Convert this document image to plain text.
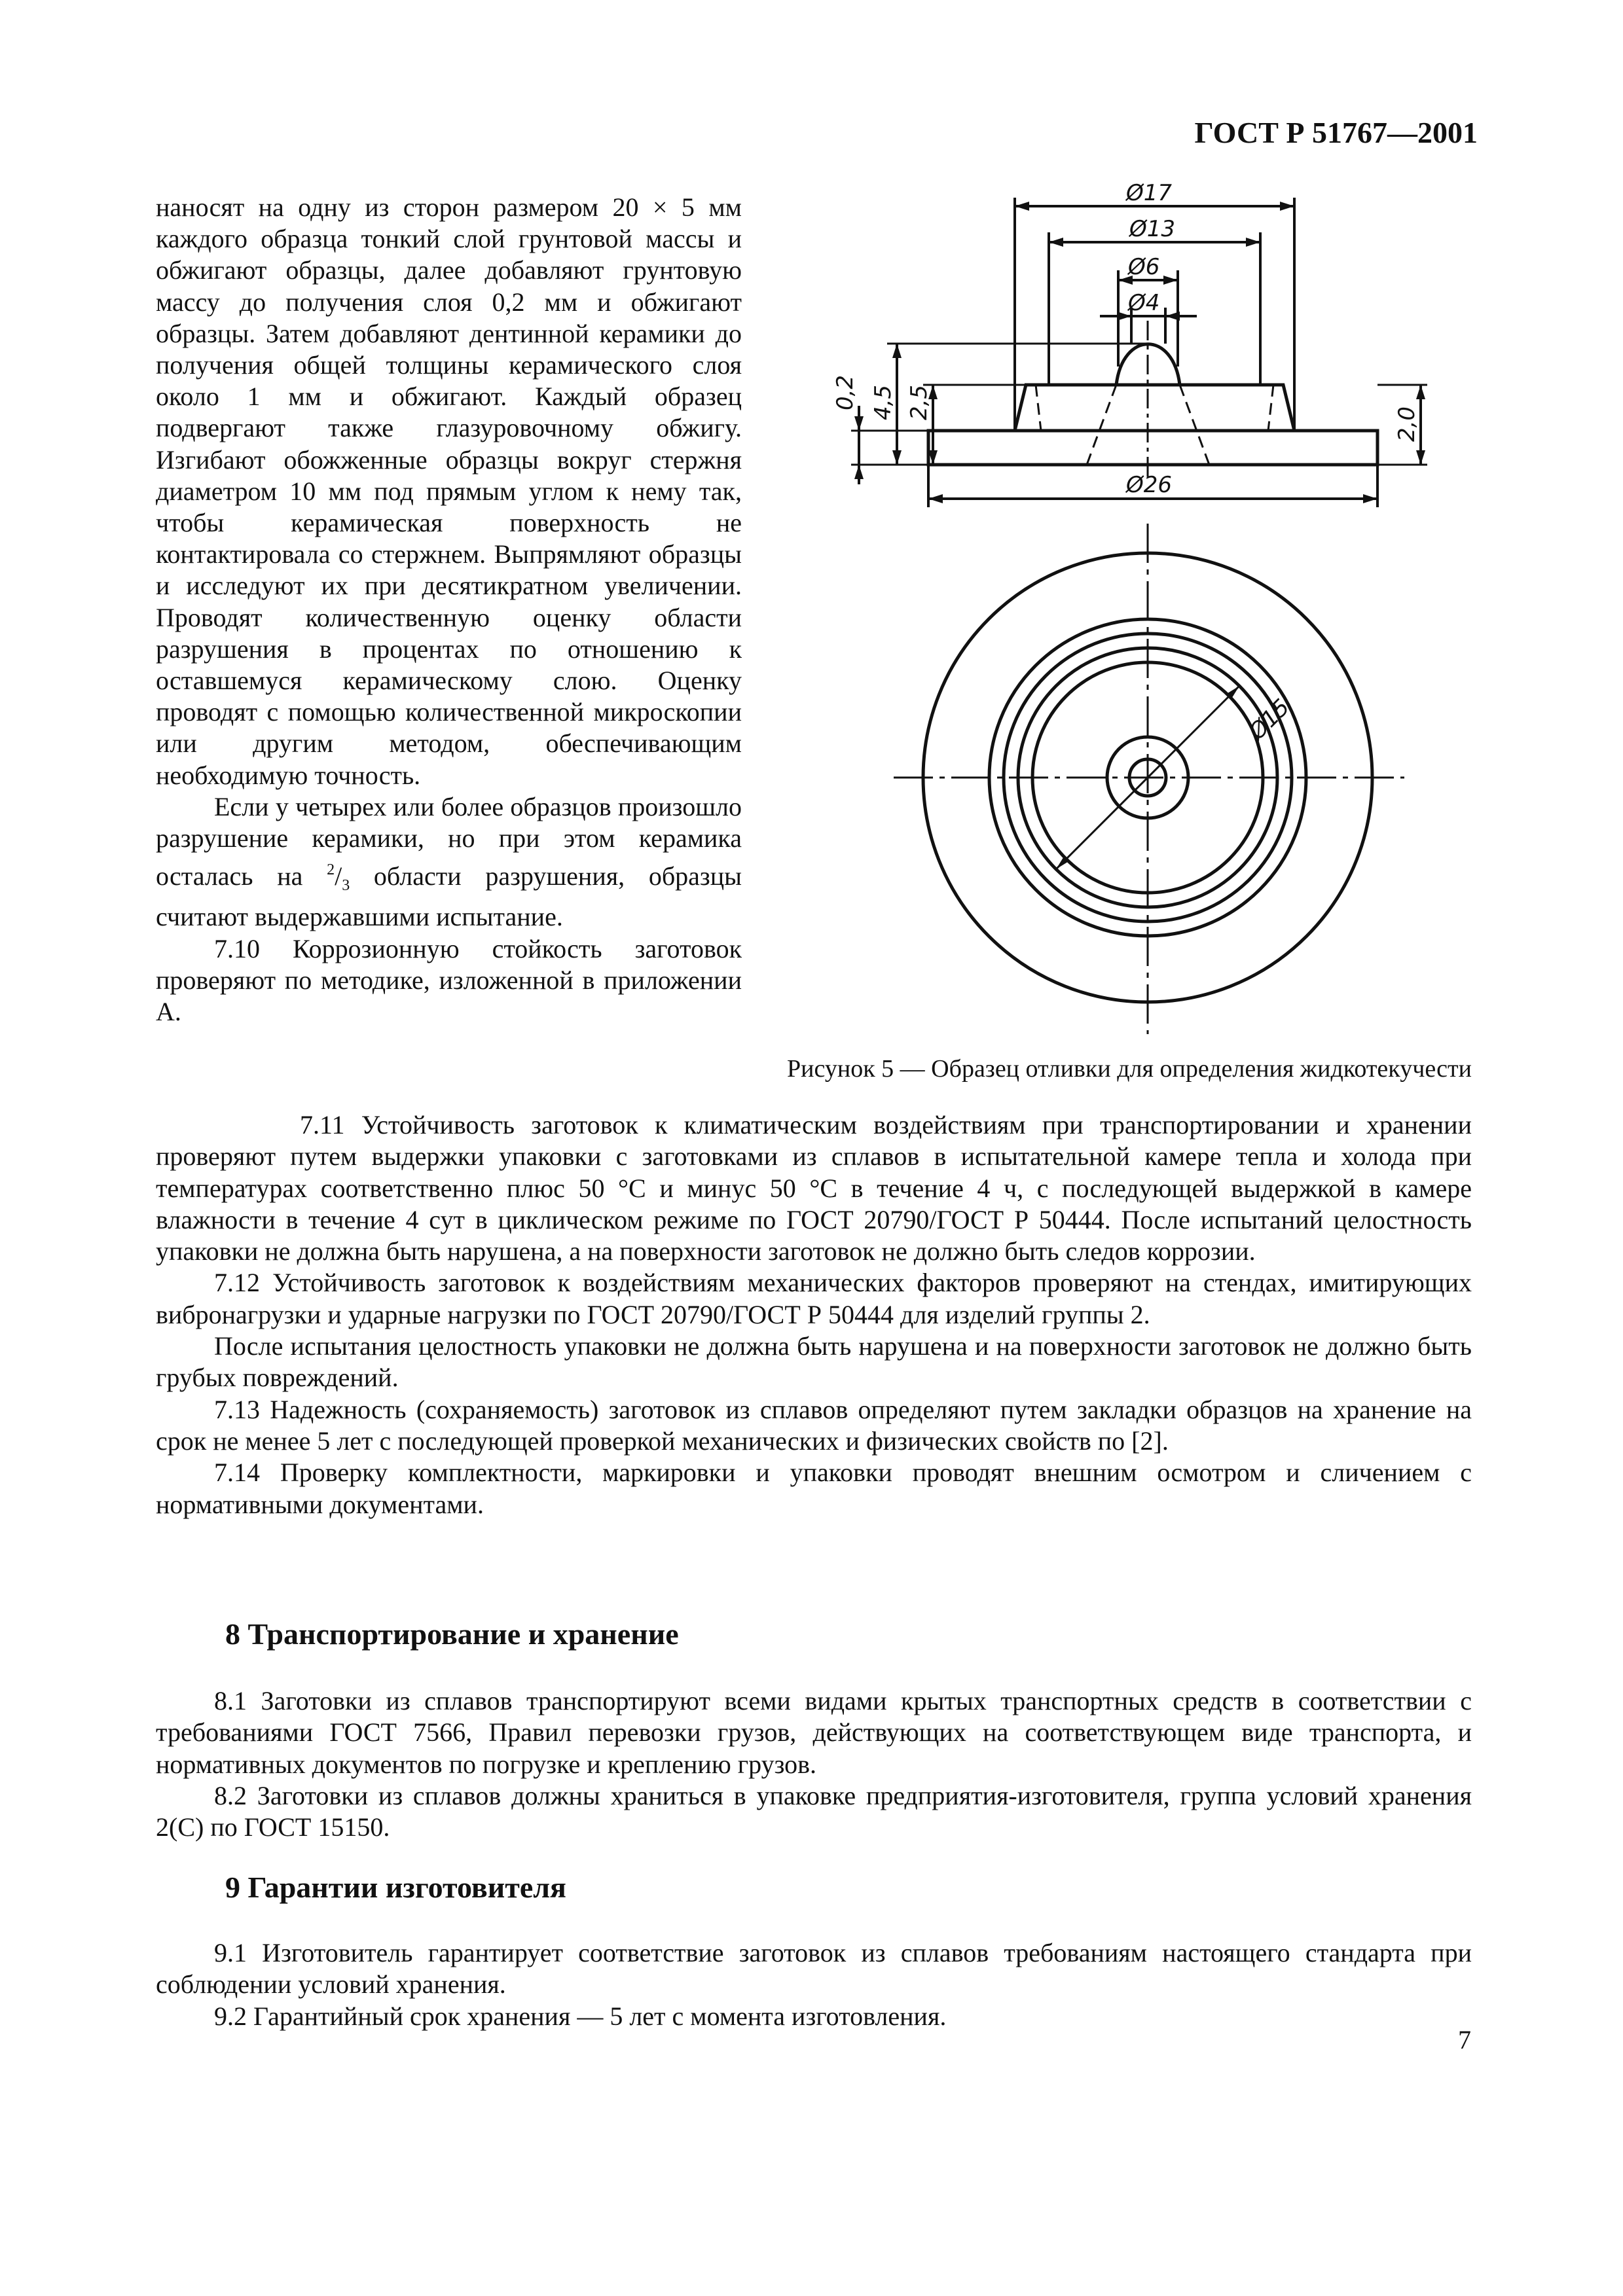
ГОСТ Р 51767—2001

наносят на одну из сторон размером 20 × 5 мм каждого образца тонкий слой грунтовой массы и обжигают образцы, далее добавляют грунтовую массу до получения слоя 0,2 мм и обжигают образцы. Затем добавляют дентинной керамики до получения общей толщины керамического слоя около 1 мм и обжигают. Каждый образец подвергают также глазуровочному обжигу. Изгибают обожженные образцы вокруг стержня диаметром 10 мм под прямым углом к нему так, чтобы керамическая поверхность не контактировала со стержнем. Выпрямляют образцы и исследуют их при десятикратном увеличении. Проводят количественную оценку области разрушения в процентах по отношению к оставшемуся керамическому слою. Оценку проводят с помощью количественной микроскопии или другим методом, обеспечивающим необходимую точность.

Если у четырех или более образцов произошло разрушение керамики, но при этом керамика осталась на $^2/_3$ области разрушения, образцы считают выдержавшими испытание.

7.10 Коррозионную стойкость заготовок проверяют по методике, изложенной в приложении А.

Ø17
Ø13
Ø6
Ø4
Ø26
4,5 2,5
0,2
2,0
Ø15
Рисунок 5 — Образец отливки для определения жидкотекучести

7.11 Устойчивость заготовок к климатическим воздействиям при транспортировании и хранении проверяют путем выдержки упаковки с заготовками из сплавов в испытательной камере тепла и холода при температурах соответственно плюс 50 °С и минус 50 °С в течение 4 ч, с последующей выдержкой в камере влажности в течение 4 сут в циклическом режиме по ГОСТ 20790/ГОСТ Р 50444. После испытаний целостность упаковки не должна быть нарушена, а на поверхности заготовок не должно быть следов коррозии.

7.12 Устойчивость заготовок к воздействиям механических факторов проверяют на стендах, имитирующих вибронагрузки и ударные нагрузки по ГОСТ 20790/ГОСТ Р 50444 для изделий группы 2.

После испытания целостность упаковки не должна быть нарушена и на поверхности заготовок не должно быть грубых повреждений.

7.13 Надежность (сохраняемость) заготовок из сплавов определяют путем закладки образцов на хранение на срок не менее 5 лет с последующей проверкой механических и физических свойств по [2].

7.14 Проверку комплектности, маркировки и упаковки проводят внешним осмотром и сличением с нормативными документами.

8 Транспортирование и хранение

8.1 Заготовки из сплавов транспортируют всеми видами крытых транспортных средств в соответствии с требованиями ГОСТ 7566, Правил перевозки грузов, действующих на соответствующем виде транспорта, и нормативных документов по погрузке и креплению грузов.

8.2 Заготовки из сплавов должны храниться в упаковке предприятия-изготовителя, группа условий хранения 2(С) по ГОСТ 15150.

9 Гарантии изготовителя

9.1 Изготовитель гарантирует соответствие заготовок из сплавов требованиям настоящего стандарта при соблюдении условий хранения.

9.2 Гарантийный срок хранения — 5 лет с момента изготовления.

7
